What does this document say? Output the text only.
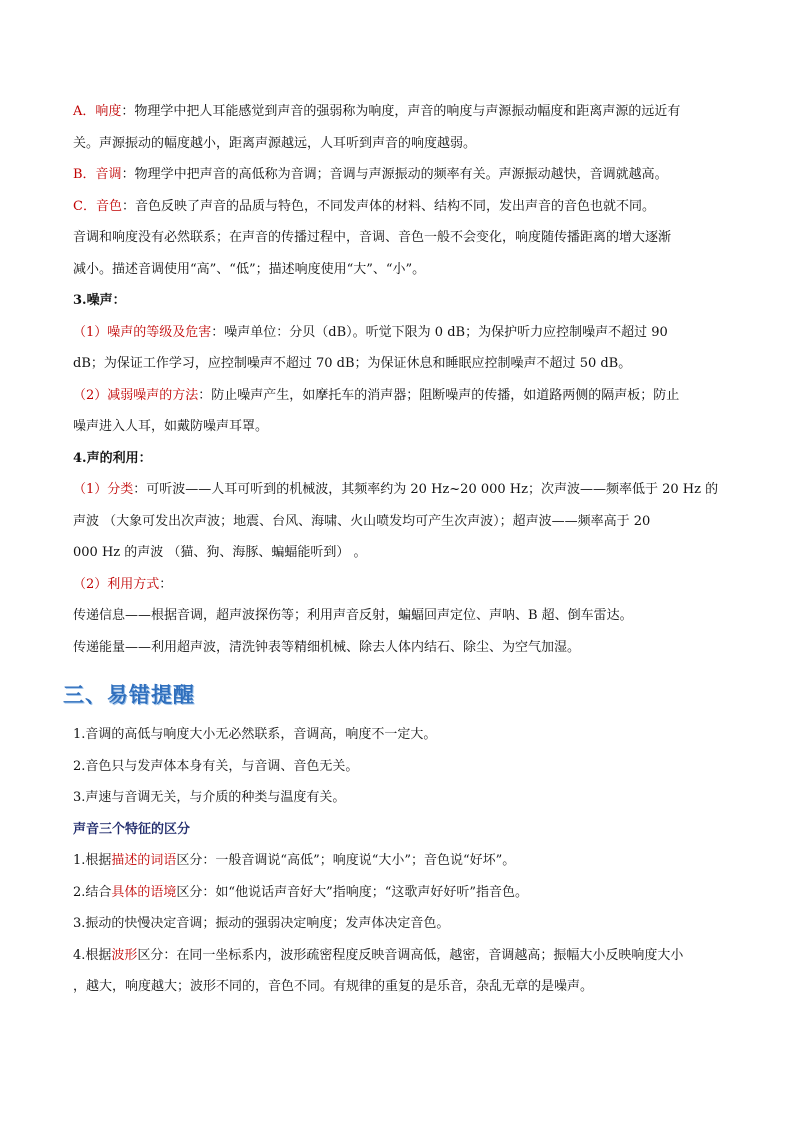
A．响度：物理学中把人耳能感觉到声音的强弱称为响度，声音的响度与声源振动幅度和距离声源的远近有

关。声源振动的幅度越小，距离声源越远，人耳听到声音的响度越弱。

B．音调：物理学中把声音的高低称为音调；音调与声源振动的频率有关。声源振动越快，音调就越高。

C．音色：音色反映了声音的品质与特色，不同发声体的材料、结构不同，发出声音的音色也就不同。

音调和响度没有必然联系；在声音的传播过程中，音调、音色一般不会变化，响度随传播距离的增大逐渐

减小。描述音调使用“高”、“低”；描述响度使用“大”、“小”。

3.噪声：

（1）噪声的等级及危害：噪声单位：分贝（dB）。听觉下限为 0 dB；为保护听力应控制噪声不超过 90

dB；为保证工作学习，应控制噪声不超过 70 dB；为保证休息和睡眠应控制噪声不超过 50 dB。

（2）减弱噪声的方法：防止噪声产生，如摩托车的消声器；阻断噪声的传播，如道路两侧的隔声板；防止

噪声进入人耳，如戴防噪声耳罩。

4.声的利用：

（1）分类：可听波——人耳可听到的机械波，其频率约为 20 Hz~20 000 Hz；次声波——频率低于 20 Hz 的

声波 （大象可发出次声波；地震、台风、海啸、火山喷发均可产生次声波）；超声波——频率高于 20

000 Hz 的声波 （猫、狗、海豚、蝙蝠能听到） 。

（2）利用方式：

传递信息——根据音调，超声波探伤等；利用声音反射，蝙蝠回声定位、声呐、B 超、倒车雷达。

传递能量——利用超声波，清洗钟表等精细机械、除去人体内结石、除尘、为空气加湿。

三、易错提醒

1.音调的高低与响度大小无必然联系，音调高，响度不一定大。

2.音色只与发声体本身有关，与音调、音色无关。

3.声速与音调无关，与介质的种类与温度有关。

声音三个特征的区分

1.根据描述的词语区分：一般音调说“高低”；响度说“大小”；音色说“好坏”。

2.结合具体的语境区分：如“他说话声音好大”指响度；“这歌声好好听”指音色。

3.振动的快慢决定音调；振动的强弱决定响度；发声体决定音色。

4.根据波形区分：在同一坐标系内，波形疏密程度反映音调高低，越密，音调越高；振幅大小反映响度大小

，越大，响度越大；波形不同的，音色不同。有规律的重复的是乐音，杂乱无章的是噪声。
